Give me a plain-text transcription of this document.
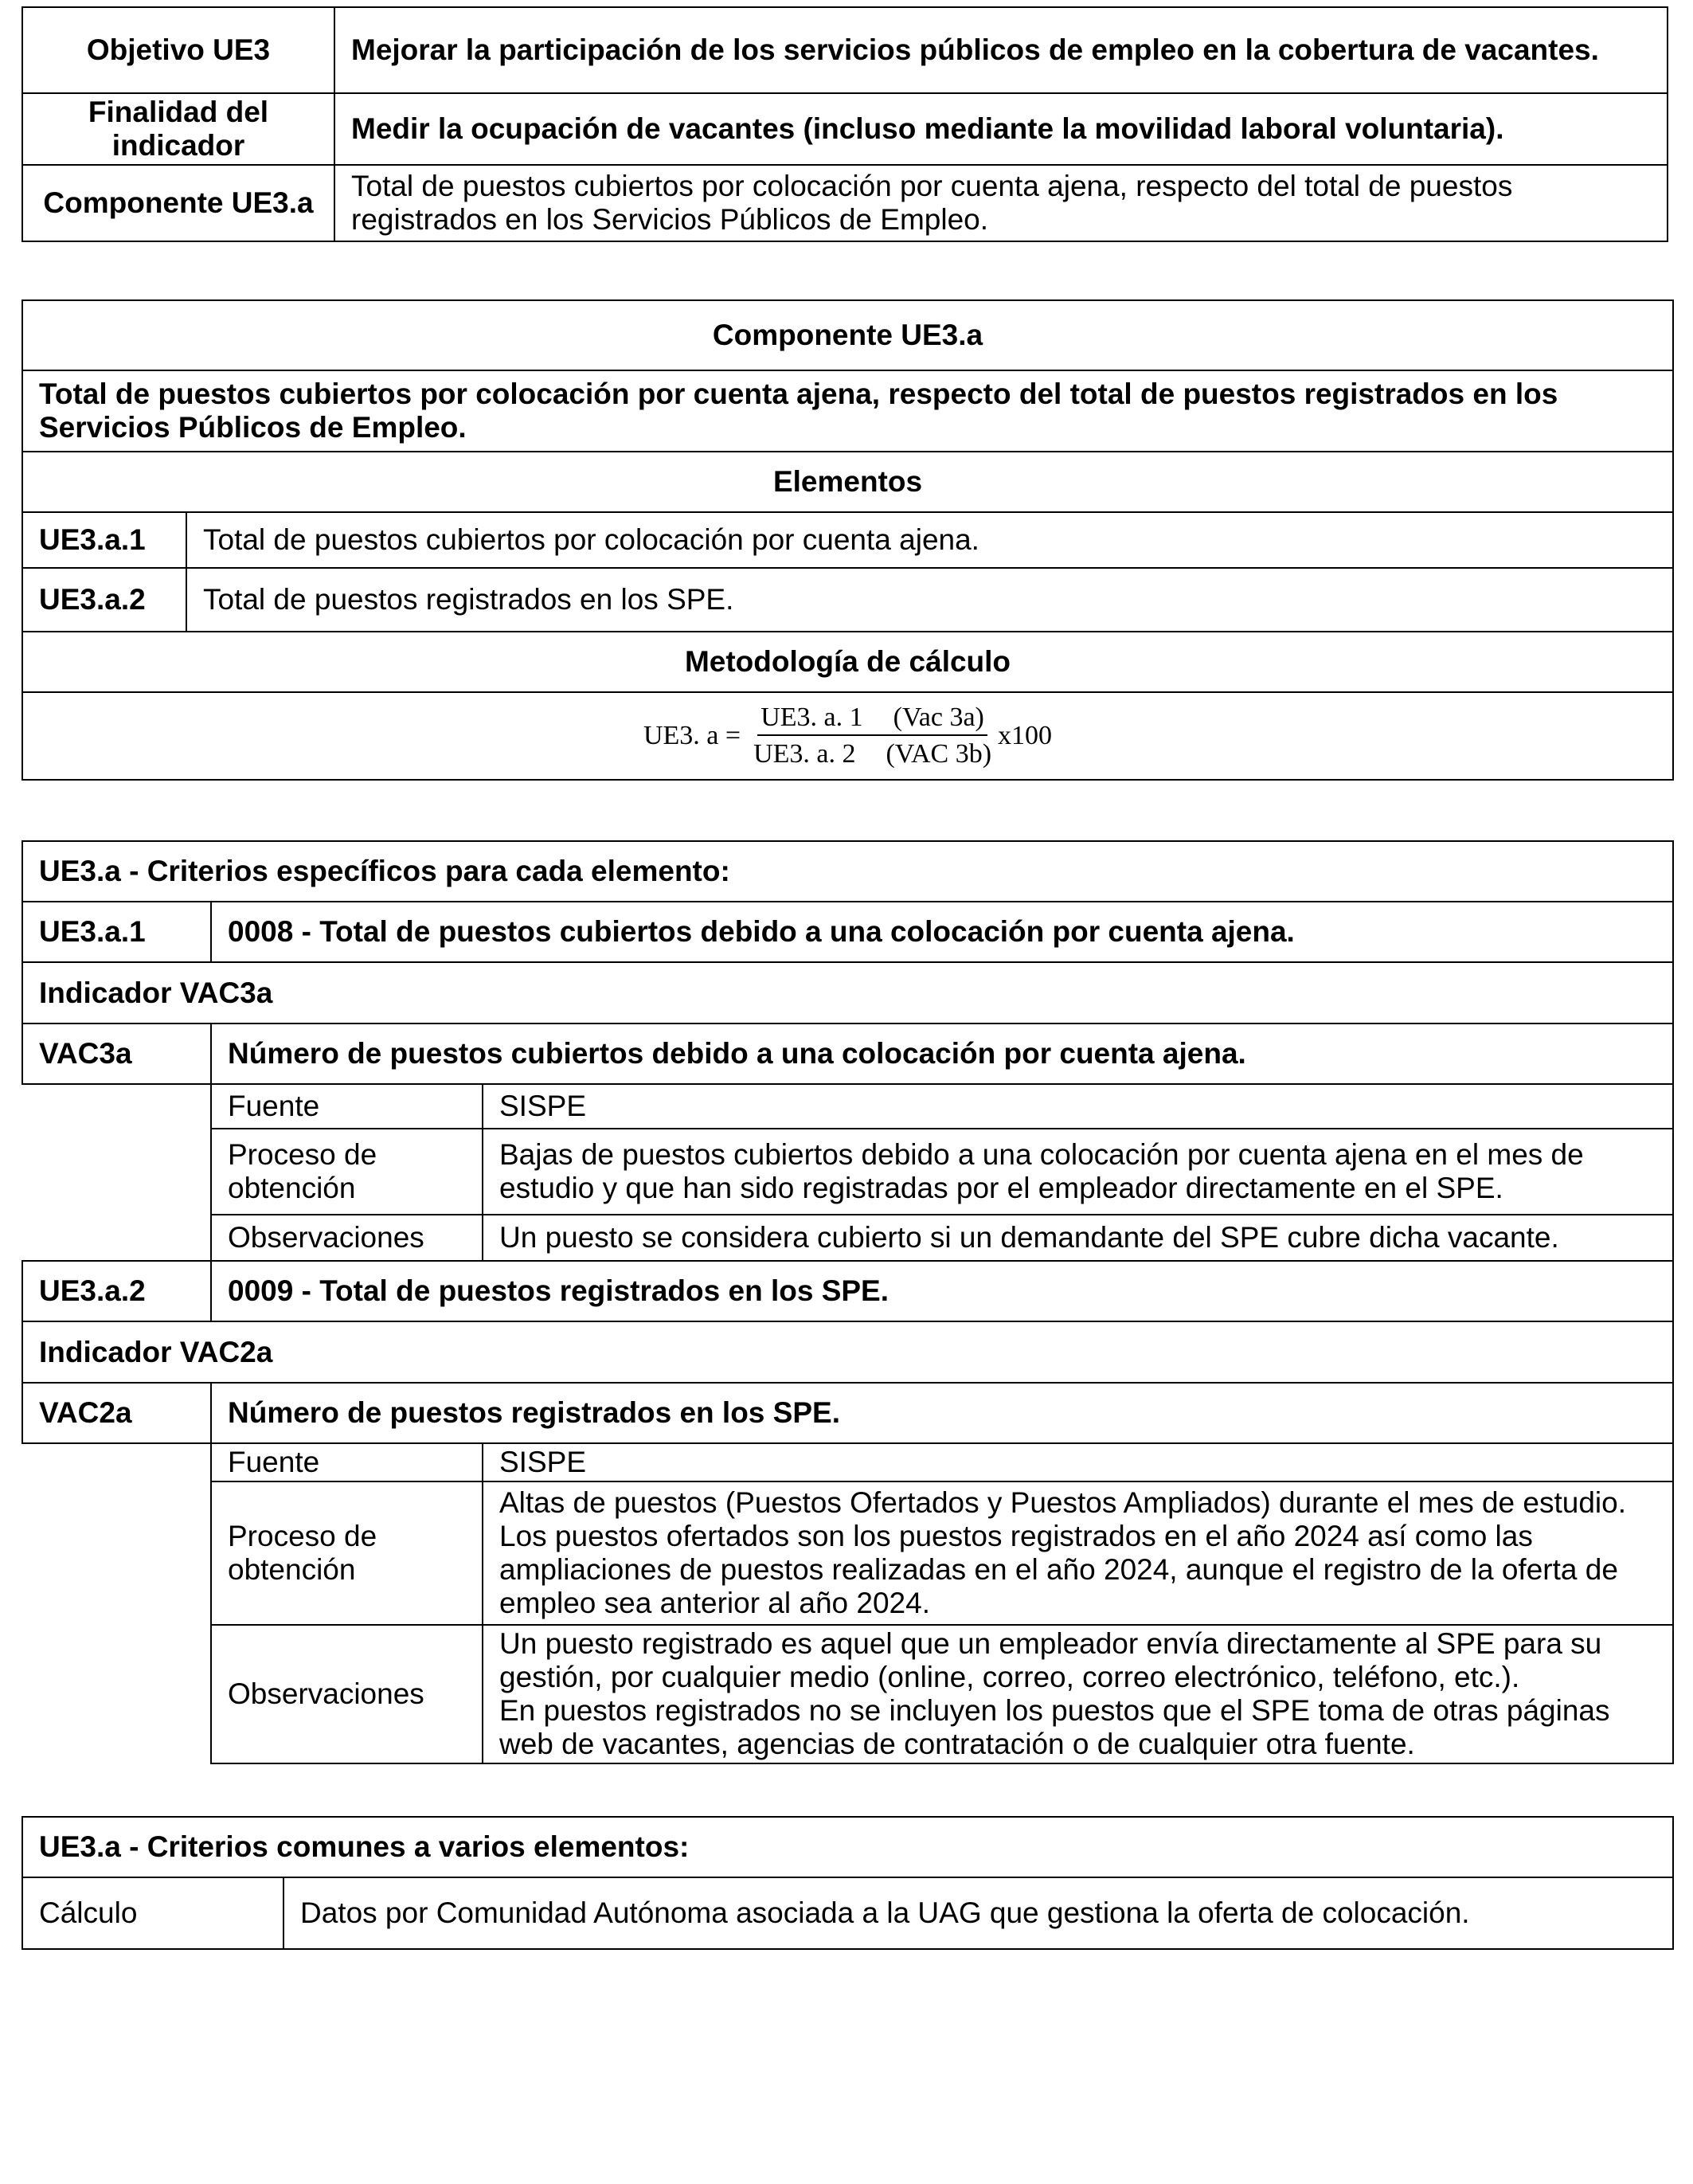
Objetivo UE3	Mejorar la participación de los servicios públicos de empleo en la cobertura de vacantes.
Finalidad del indicador	Medir la ocupación de vacantes (incluso mediante la movilidad laboral voluntaria).
Componente UE3.a	Total de puestos cubiertos por colocación por cuenta ajena, respecto del total de puestos registrados en los Servicios Públicos de Empleo.
Componente UE3.a	
Total de puestos cubiertos por colocación por cuenta ajena, respecto del total de puestos registrados en los Servicios Públicos de Empleo.	
Elementos	
UE3.a.1	Total de puestos cubiertos por colocación por cuenta ajena.
UE3.a.2	Total de puestos registrados en los SPE.
Metodología de cálculo	

UE3. $a = \frac{\text{UE3. a. 1 (Vac 3a)}}{\text{UE3. a. 2 (VAC 3b)}} x100$	
UE3.a - Criterios específicos para cada elemento:		
UE3.a.1	0008 - Total de puestos cubiertos debido a una colocación por cuenta ajena.	
Indicador VAC3a		
VAC3a	Número de puestos cubiertos debido a una colocación por cuenta ajena.	
	Fuente	SISPE
	Proceso de obtención	Bajas de puestos cubiertos debido a una colocación por cuenta ajena en el mes de estudio y que han sido registradas por el empleador directamente en el SPE.
	Observaciones	Un puesto se considera cubierto si un demandante del SPE cubre dicha vacante.
UE3.a.2	0009 - Total de puestos registrados en los SPE.	
Indicador VAC2a		
VAC2a	Número de puestos registrados en los SPE.	
	Fuente	SISPE
	Proceso de obtención	Altas de puestos (Puestos Ofertados y Puestos Ampliados) durante el mes de estudio. Los puestos ofertados son los puestos registrados en el año 2024 así como las ampliaciones de puestos realizadas en el año 2024, aunque el registro de la oferta de empleo sea anterior al año 2024.
	Observaciones	Un puesto registrado es aquel que un empleador envía directamente al SPE para su gestión, por cualquier medio (online, correo, correo electrónico, teléfono, etc.).
En puestos registrados no se incluyen los puestos que el SPE toma de otras páginas web de vacantes, agencias de contratación o de cualquier otra fuente.
UE3.a - Criterios comunes a varios elementos:
Cálculo	Datos por Comunidad Autónoma asociada a la UAG que gestiona la oferta de colocación.
